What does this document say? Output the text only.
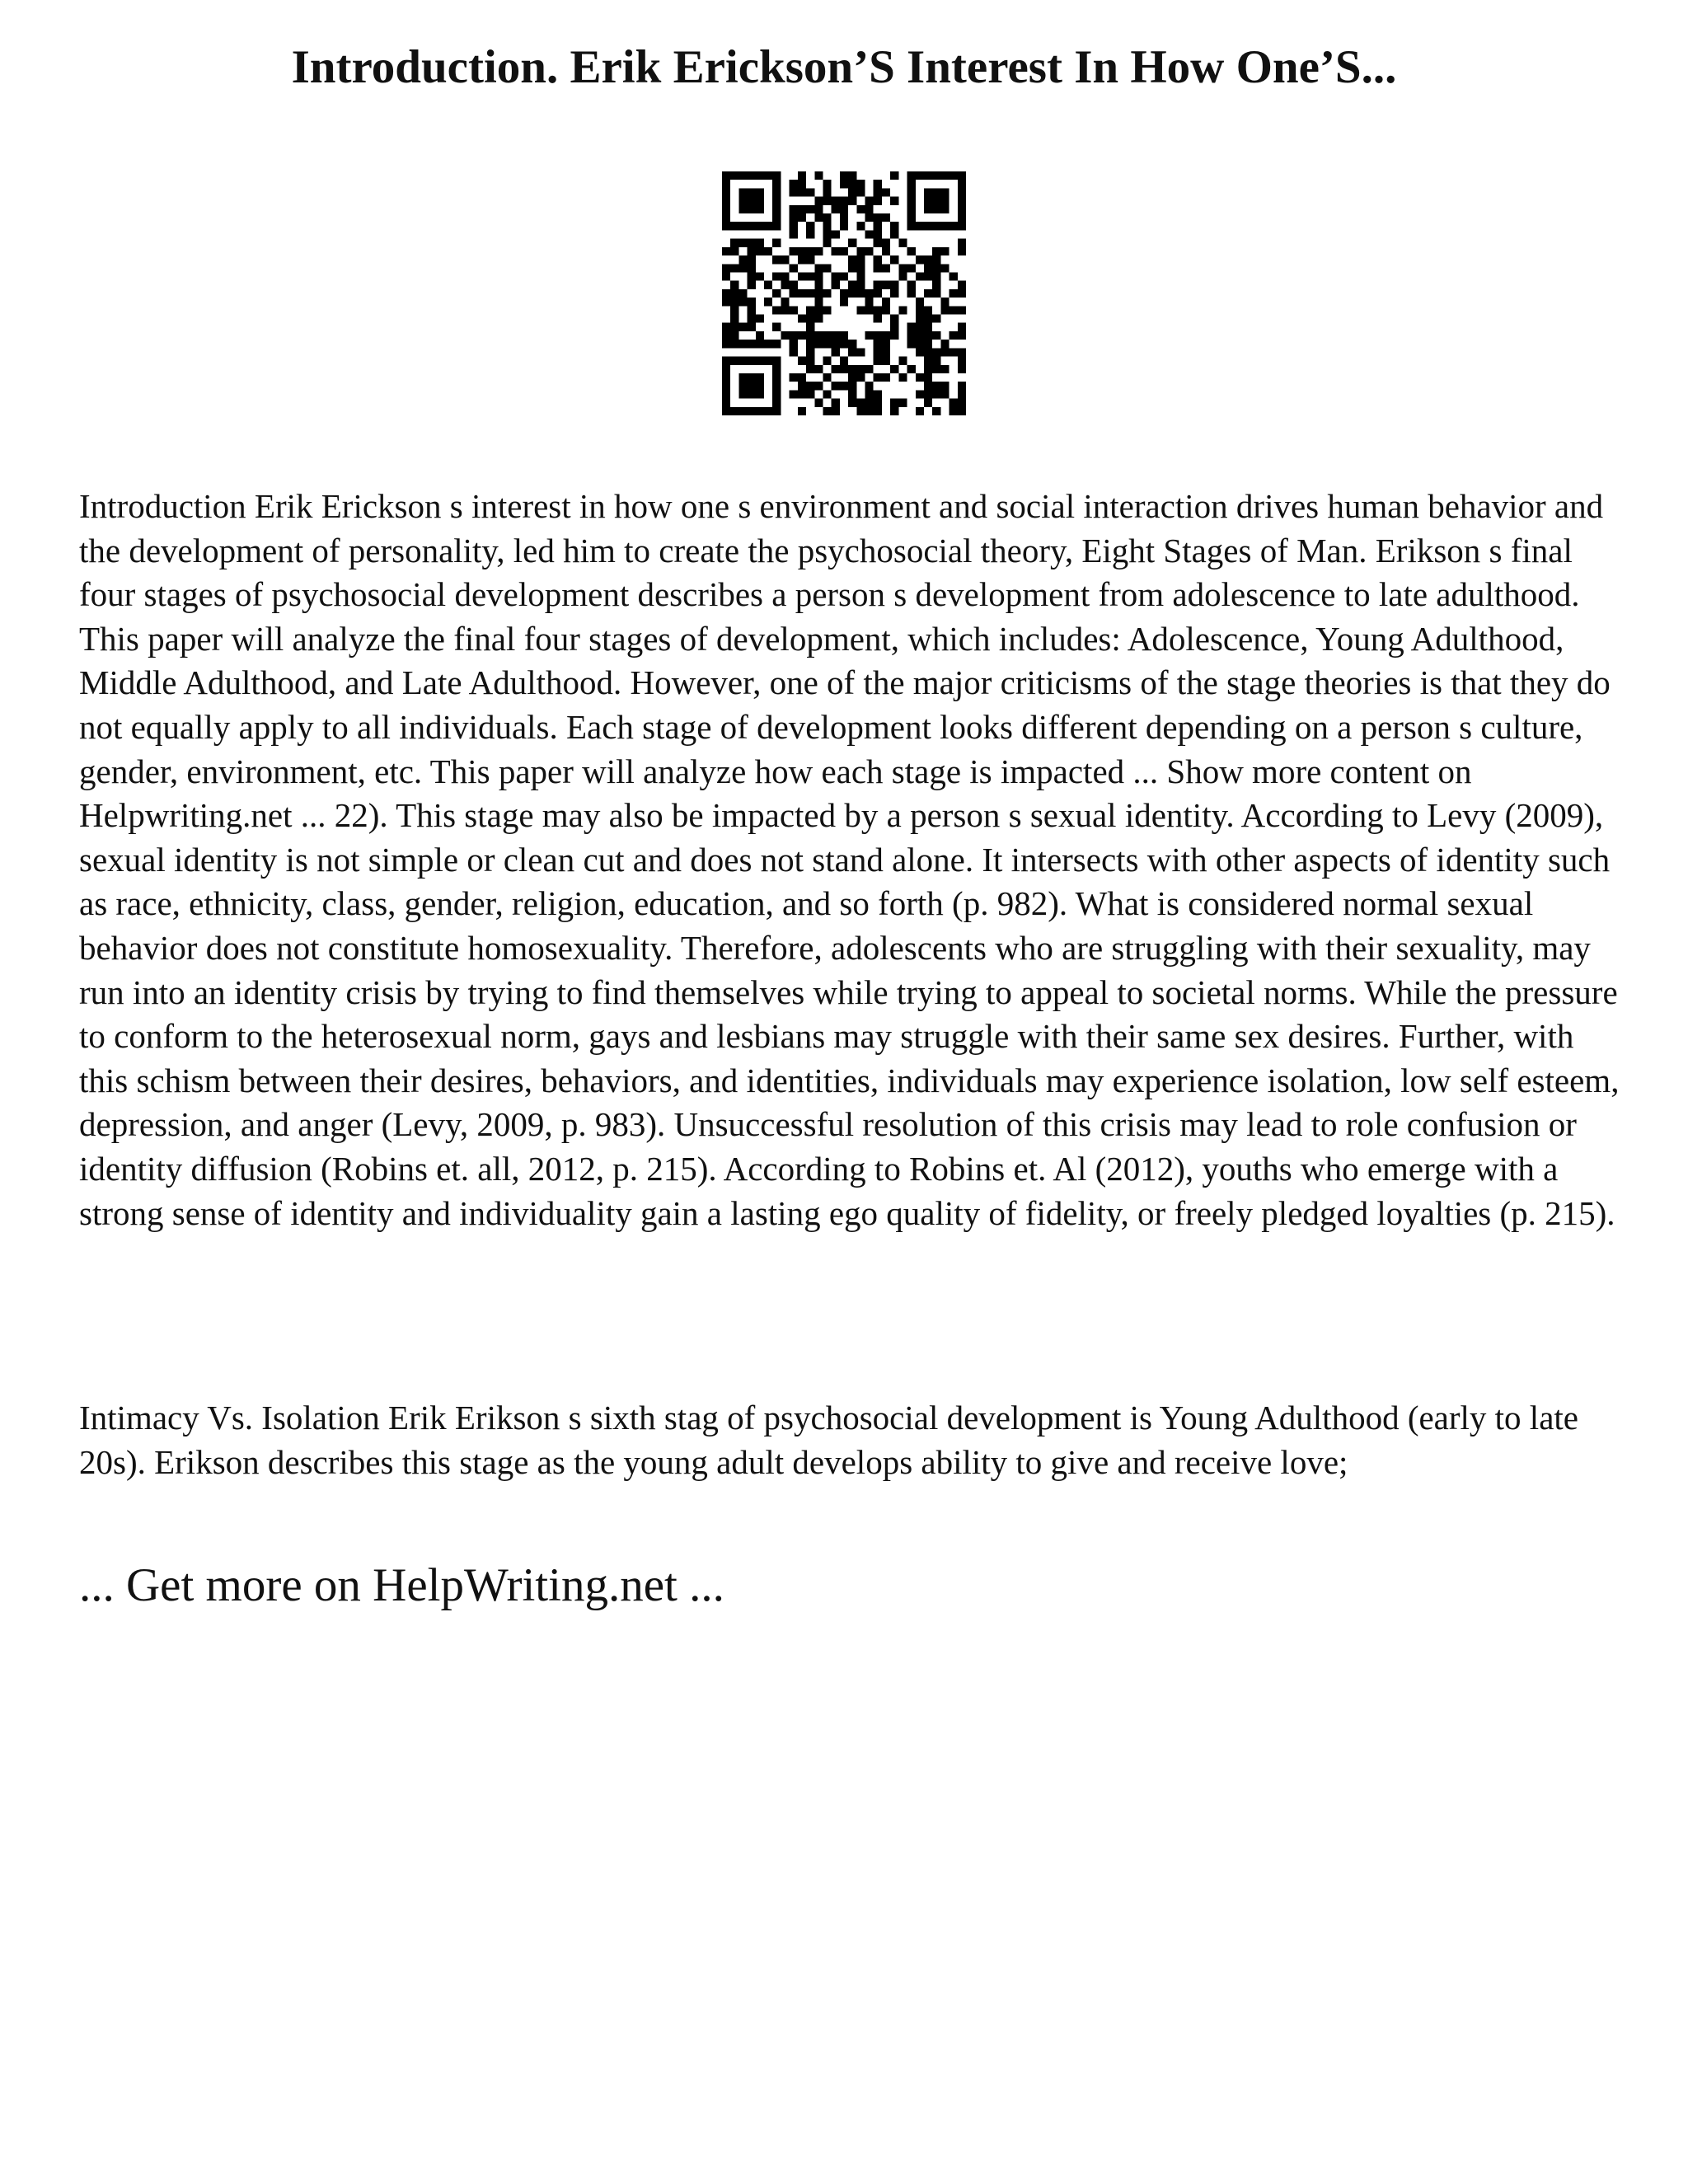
Introduction. Erik Erickson’S Interest In How One’S...

Introduction Erik Erickson s interest in how one s environment and social interaction drives human behavior and the development of personality, led him to create the psychosocial theory, Eight Stages of Man. Erikson s final four stages of psychosocial development describes a person s development from adolescence to late adulthood. This paper will analyze the final four stages of development, which includes: Adolescence, Young Adulthood, Middle Adulthood, and Late Adulthood. However, one of the major criticisms of the stage theories is that they do not equally apply to all individuals. Each stage of development looks different depending on a person s culture, gender, environment, etc. This paper will analyze how each stage is impacted ... Show more content on Helpwriting.net ... 22). This stage may also be impacted by a person s sexual identity. According to Levy (2009), sexual identity is not simple or clean cut and does not stand alone. It intersects with other aspects of identity such as race, ethnicity, class, gender, religion, education, and so forth (p. 982). What is considered normal sexual behavior does not constitute homosexuality. Therefore, adolescents who are struggling with their sexuality, may run into an identity crisis by trying to find themselves while trying to appeal to societal norms. While the pressure to conform to the heterosexual norm, gays and lesbians may struggle with their same sex desires. Further, with this schism between their desires, behaviors, and identities, individuals may experience isolation, low self esteem, depression, and anger (Levy, 2009, p. 983). Unsuccessful resolution of this crisis may lead to role confusion or identity diffusion (Robins et. all, 2012, p. 215). According to Robins et. Al (2012), youths who emerge with a strong sense of identity and individuality gain a lasting ego quality of fidelity, or freely pledged loyalties (p. 215).

Intimacy Vs. Isolation Erik Erikson s sixth stag of psychosocial development is Young Adulthood (early to late 20s). Erikson describes this stage as the young adult develops ability to give and receive love;

... Get more on HelpWriting.net ...
